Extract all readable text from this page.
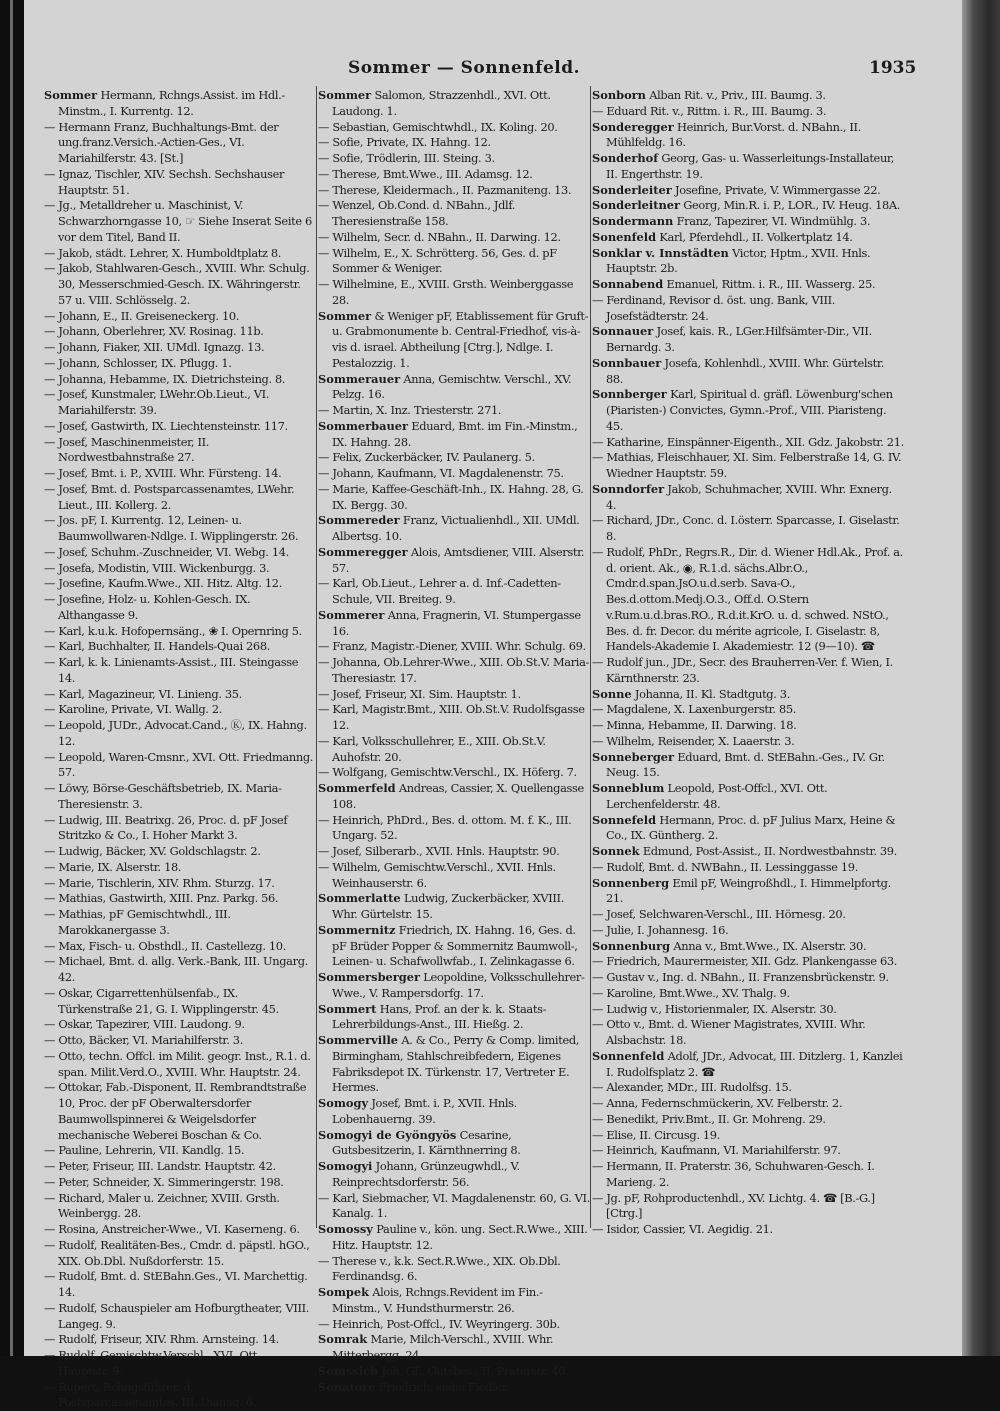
Sommer — Sonnenfeld.	1935
Sommer Hermann, Rchngs.Assist. im Hdl.-Minstm., I. Kurrentg. 12.
— Hermann Franz, Buchhaltungs-Bmt. der ung.franz.Versich.-Actien-Ges., VI. Mariahilferstr. 43. [St.]
— Ignaz, Tischler, XIV. Sechsh. Sechshauser Hauptstr. 51.
— Jg., Metalldreher u. Maschinist, V. Schwarzhorngasse 10, ☞ Siehe Inserat Seite 6 vor dem Titel, Band II.
— Jakob, städt. Lehrer, X. Humboldtplatz 8.
— Jakob, Stahlwaren-Gesch., XVIII. Whr. Schulg. 30, Messerschmied-Gesch. IX. Währingerstr. 57 u. VIII. Schlösselg. 2.
— Johann, E., II. Greiseneckerg. 10.
— Johann, Oberlehrer, XV. Rosinag. 11b.
— Johann, Fiaker, XII. UMdl. Ignazg. 13.
— Johann, Schlosser, IX. Pflugg. 1.
— Johanna, Hebamme, IX. Dietrichsteing. 8.
— Josef, Kunstmaler, LWehr.Ob.Lieut., VI. Mariahilferstr. 39.
— Josef, Gastwirth, IX. Liechtensteinstr. 117.
— Josef, Maschinenmeister, II. Nordwestbahnstraße 27.
— Josef, Bmt. i. P., XVIII. Whr. Fürsteng. 14.
— Josef, Bmt. d. Postsparcassenamtes, LWehr. Lieut., III. Kollerg. 2.
— Jos. pF, I. Kurrentg. 12, Leinen- u. Baumwollwaren-Ndlge. I. Wipplingerstr. 26.
— Josef, Schuhm.-Zuschneider, VI. Webg. 14.
— Josefa, Modistin, VIII. Wickenburgg. 3.
— Josefine, Kaufm.Wwe., XII. Hitz. Altg. 12.
— Josefine, Holz- u. Kohlen-Gesch. IX. Althangasse 9.
— Karl, k.u.k. Hofopernsäng., ❀ I. Opernring 5.
— Karl, Buchhalter, II. Handels-Quai 268.
— Karl, k. k. Linienamts-Assist., III. Steingasse 14.
— Karl, Magazineur, VI. Linieng. 35.
— Karoline, Private, VI. Wallg. 2.
— Leopold, JUDr., Advocat.Cand., Ⓚ, IX. Hahng. 12.
— Leopold, Waren-Cmsnr., XVI. Ott. Friedmanng. 57.
— Löwy, Börse-Geschäftsbetrieb, IX. Maria-Theresienstr. 3.
— Ludwig, III. Beatrixg. 26, Proc. d. pF Josef Stritzko & Co., I. Hoher Markt 3.
— Ludwig, Bäcker, XV. Goldschlagstr. 2.
— Marie, IX. Alserstr. 18.
— Marie, Tischlerin, XIV. Rhm. Sturzg. 17.
— Mathias, Gastwirth, XIII. Pnz. Parkg. 56.
— Mathias, pF Gemischtwhdl., III. Marokkanergasse 3.
— Max, Fisch- u. Obsthdl., II. Castellezg. 10.
— Michael, Bmt. d. allg. Verk.-Bank, III. Ungarg. 42.
— Oskar, Cigarrettenhülsenfab., IX. Türkenstraße 21, G. I. Wipplingerstr. 45.
— Oskar, Tapezirer, VIII. Laudong. 9.
— Otto, Bäcker, VI. Mariahilferstr. 3.
— Otto, techn. Offcl. im Milit. geogr. Inst., R.1. d. span. Milit.Verd.O., XVIII. Whr. Hauptstr. 24.
— Ottokar, Fab.-Disponent, II. Rembrandtstraße 10, Proc. der pF Oberwaltersdorfer Baumwollspinnerei & Weigelsdorfer mechanische Weberei Boschan & Co.
— Pauline, Lehrerin, VII. Kandlg. 15.
— Peter, Friseur, III. Landstr. Hauptstr. 42.
— Peter, Schneider, X. Simmeringerstr. 198.
— Richard, Maler u. Zeichner, XVIII. Grsth. Weinbergg. 28.
— Rosina, Anstreicher-Wwe., VI. Kaserneng. 6.
— Rudolf, Realitäten-Bes., Cmdr. d. päpstl. hGO., XIX. Ob.Dbl. Nußdorferstr. 15.
— Rudolf, Bmt. d. StEBahn.Ges., VI. Marchettig. 14.
— Rudolf, Schauspieler am Hofburgtheater, VIII. Langeg. 9.
— Rudolf, Friseur, XIV. Rhm. Arnsteing. 14.
— Rudolf, Gemischtw.Verschl., XVI. Ott. Hauptstr. 9.
— Rupert, Rchngsführer. d. Postsparcassenamtes, III. Dianag. 6.
Sommer Salomon, Strazzenhdl., XVI. Ott. Laudong. 1.
— Sebastian, Gemischtwhdl., IX. Koling. 20.
— Sofie, Private, IX. Hahng. 12.
— Sofie, Trödlerin, III. Steing. 3.
— Therese, Bmt.Wwe., III. Adamsg. 12.
— Therese, Kleidermach., II. Pazmaniteng. 13.
— Wenzel, Ob.Cond. d. NBahn., Jdlf. Theresienstraße 158.
— Wilhelm, Secr. d. NBahn., II. Darwing. 12.
— Wilhelm, E., X. Schrötterg. 56, Ges. d. pF Sommer & Weniger.
— Wilhelmine, E., XVIII. Grsth. Weinberggasse 28.
Sommer & Weniger pF, Etablissement für Gruft- u. Grabmonumente b. Central-Friedhof, vis-à-vis d. israel. Abtheilung [Ctrg.], Ndlge. I. Pestalozzig. 1.
Sommerauer Anna, Gemischtw. Verschl., XV. Pelzg. 16.
— Martin, X. Inz. Triesterstr. 271.
Sommerbauer Eduard, Bmt. im Fin.-Minstm., IX. Hahng. 28.
— Felix, Zuckerbäcker, IV. Paulanerg. 5.
— Johann, Kaufmann, VI. Magdalenenstr. 75.
— Marie, Kaffee-Geschäft-Inh., IX. Hahng. 28, G. IX. Bergg. 30.
Sommereder Franz, Victualienhdl., XII. UMdl. Albertsg. 10.
Sommeregger Alois, Amtsdiener, VIII. Alserstr. 57.
— Karl, Ob.Lieut., Lehrer a. d. Inf.-Cadetten-Schule, VII. Breiteg. 9.
Sommerer Anna, Fragnerin, VI. Stumpergasse 16.
— Franz, Magistr.-Diener, XVIII. Whr. Schulg. 69.
— Johanna, Ob.Lehrer-Wwe., XIII. Ob.St.V. Maria-Theresiastr. 17.
— Josef, Friseur, XI. Sim. Hauptstr. 1.
— Karl, Magistr.Bmt., XIII. Ob.St.V. Rudolfsgasse 12.
— Karl, Volksschullehrer, E., XIII. Ob.St.V. Auhofstr. 20.
— Wolfgang, Gemischtw.Verschl., IX. Höferg. 7.
Sommerfeld Andreas, Cassier, X. Quellengasse 108.
— Heinrich, PhDrd., Bes. d. ottom. M. f. K., III. Ungarg. 52.
— Josef, Silberarb., XVII. Hnls. Hauptstr. 90.
— Wilhelm, Gemischtw.Verschl., XVII. Hnls. Weinhauserstr. 6.
Sommerlatte Ludwig, Zuckerbäcker, XVIII. Whr. Gürtelstr. 15.
Sommernitz Friedrich, IX. Hahng. 16, Ges. d. pF Brüder Popper & Sommernitz Baumwoll-, Leinen- u. Schafwollwfab., I. Zelinkagasse 6.
Sommersberger Leopoldine, Volksschullehrer-Wwe., V. Rampersdorfg. 17.
Sommert Hans, Prof. an der k. k. Staats-Lehrerbildungs-Anst., III. Hießg. 2.
Sommerville A. & Co., Perry & Comp. limited, Birmingham, Stahlschreibfedern, Eigenes Fabriksdepot IX. Türkenstr. 17, Vertreter E. Hermes.
Somogy Josef, Bmt. i. P., XVII. Hnls. Lobenhauerng. 39.
Somogyi de Gyöngyös Cesarine, Gutsbesitzerin, I. Kärnthnerring 8.
Somogyi Johann, Grünzeugwhdl., V. Reinprechtsdorferstr. 56.
— Karl, Siebmacher, VI. Magdalenenstr. 60, G. VI. Kanalg. 1.
Somossy Pauline v., kön. ung. Sect.R.Wwe., XIII. Hitz. Hauptstr. 12.
— Therese v., k.k. Sect.R.Wwe., XIX. Ob.Dbl. Ferdinandsg. 6.
Sompek Alois, Rchngs.Revident im Fin.-Minstm., V. Hundsthurmerstr. 26.
— Heinrich, Post-Offcl., IV. Weyringerg. 30b.
Somrak Marie, Milch-Verschl., XVIII. Whr. Mitterbergg. 24.
Somssich Joh. Gf., Gutsbes., II. Praterstr. 40.
Sonatore Friedrich, siehe Fiedler.
Sonborn Alban Rit. v., Priv., III. Baumg. 3.
— Eduard Rit. v., Rittm. i. R., III. Baumg. 3.
Sonderegger Heinrich, Bur.Vorst. d. NBahn., II. Mühlfeldg. 16.
Sonderhof Georg, Gas- u. Wasserleitungs-Installateur, II. Engerthstr. 19.
Sonderleiter Josefine, Private, V. Wimmergasse 22.
Sonderleitner Georg, Min.R. i. P., LOR., IV. Heug. 18A.
Sondermann Franz, Tapezirer, VI. Windmühlg. 3.
Sonenfeld Karl, Pferdehdl., II. Volkertplatz 14.
Sonklar v. Innstädten Victor, Hptm., XVII. Hnls. Hauptstr. 2b.
Sonnabend Emanuel, Rittm. i. R., III. Wasserg. 25.
— Ferdinand, Revisor d. öst. ung. Bank, VIII. Josefstädterstr. 24.
Sonnauer Josef, kais. R., LGer.Hilfsämter-Dir., VII. Bernardg. 3.
Sonnbauer Josefa, Kohlenhdl., XVIII. Whr. Gürtelstr. 88.
Sonnberger Karl, Spiritual d. gräfl. Löwenburg'schen (Piaristen-) Convictes, Gymn.-Prof., VIII. Piaristeng. 45.
— Katharine, Einspänner-Eigenth., XII. Gdz. Jakobstr. 21.
— Mathias, Fleischhauer, XI. Sim. Felberstraße 14, G. IV. Wiedner Hauptstr. 59.
Sonndorfer Jakob, Schuhmacher, XVIII. Whr. Exnerg. 4.
— Richard, JDr., Conc. d. I.österr. Sparcasse, I. Giselastr. 8.
— Rudolf, PhDr., Regrs.R., Dir. d. Wiener Hdl.Ak., Prof. a. d. orient. Ak., ◉, R.1.d. sächs.Albr.O., Cmdr.d.span.JsO.u.d.serb. Sava-O., Bes.d.ottom.Medj.O.3., Off.d. O.Stern v.Rum.u.d.bras.RO., R.d.it.KrO. u. d. schwed. NStO., Bes. d. fr. Decor. du mérite agricole, I. Giselastr. 8, Handels-Akademie I. Akademiestr. 12 (9—10). ☎
— Rudolf jun., JDr., Secr. des Brauherren-Ver. f. Wien, I. Kärnthnerstr. 23.
Sonne Johanna, II. Kl. Stadtgutg. 3.
— Magdalene, X. Laxenburgerstr. 85.
— Minna, Hebamme, II. Darwing. 18.
— Wilhelm, Reisender, X. Laaerstr. 3.
Sonneberger Eduard, Bmt. d. StEBahn.-Ges., IV. Gr. Neug. 15.
Sonneblum Leopold, Post-Offcl., XVI. Ott. Lerchenfelderstr. 48.
Sonnefeld Hermann, Proc. d. pF Julius Marx, Heine & Co., IX. Güntherg. 2.
Sonnek Edmund, Post-Assist., II. Nordwestbahnstr. 39.
— Rudolf, Bmt. d. NWBahn., II. Lessinggasse 19.
Sonnenberg Emil pF, Weingroßhdl., I. Himmelpfortg. 21.
— Josef, Selchwaren-Verschl., III. Hörnesg. 20.
— Julie, I. Johannesg. 16.
Sonnenburg Anna v., Bmt.Wwe., IX. Alserstr. 30.
— Friedrich, Maurermeister, XII. Gdz. Plankengasse 63.
— Gustav v., Ing. d. NBahn., II. Franzensbrückenstr. 9.
— Karoline, Bmt.Wwe., XV. Thalg. 9.
— Ludwig v., Historienmaler, IX. Alserstr. 30.
— Otto v., Bmt. d. Wiener Magistrates, XVIII. Whr. Alsbachstr. 18.
Sonnenfeld Adolf, JDr., Advocat, III. Ditzlerg. 1, Kanzlei I. Rudolfsplatz 2. ☎
— Alexander, MDr., III. Rudolfsg. 15.
— Anna, Federnschmückerin, XV. Felberstr. 2.
— Benedikt, Priv.Bmt., II. Gr. Mohreng. 29.
— Elise, II. Circusg. 19.
— Heinrich, Kaufmann, VI. Mariahilferstr. 97.
— Hermann, II. Praterstr. 36, Schuhwaren-Gesch. I. Marieng. 2.
— Jg. pF, Rohproductenhdl., XV. Lichtg. 4. ☎ [B.-G.] [Ctrg.]
— Isidor, Cassier, VI. Aegidig. 21.
